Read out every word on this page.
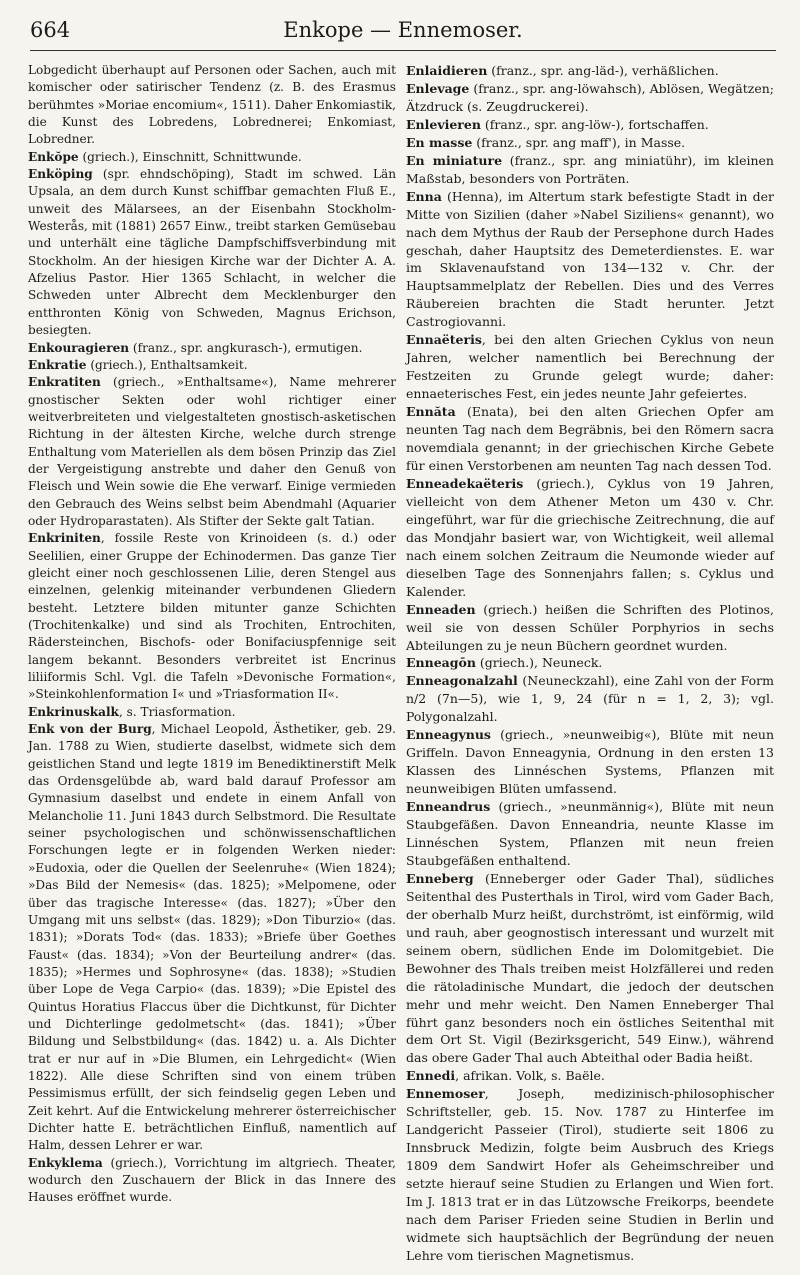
664	Enkope — Ennemoser.

Lobgedicht überhaupt auf Personen oder Sachen, auch mit komischer oder satirischer Tendenz (z. B. des Erasmus berühmtes »Moriae encomium«, 1511). Daher Enkomiastik, die Kunst des Lobredens, Lobrednerei; Enkomiast, Lobredner.

Enkŏpe (griech.), Einschnitt, Schnittwunde.

Enköping (spr. ehndschöping), Stadt im schwed. Län Upsala, an dem durch Kunst schiffbar gemachten Fluß E., unweit des Mälarsees, an der Eisenbahn Stockholm-Westerås, mit (1881) 2657 Einw., treibt starken Gemüsebau und unterhält eine tägliche Dampfschiffsverbindung mit Stockholm. An der hiesigen Kirche war der Dichter A. A. Afzelius Pastor. Hier 1365 Schlacht, in welcher die Schweden unter Albrecht dem Mecklenburger den entthronten König von Schweden, Magnus Erichson, besiegten.

Enkouragieren (franz., spr. angkurasch-), ermutigen.

Enkratie (griech.), Enthaltsamkeit.

Enkratiten (griech., »Enthaltsame«), Name mehrerer gnostischer Sekten oder wohl richtiger einer weitverbreiteten und vielgestalteten gnostisch-asketischen Richtung in der ältesten Kirche, welche durch strenge Enthaltung vom Materiellen als dem bösen Prinzip das Ziel der Vergeistigung anstrebte und daher den Genuß von Fleisch und Wein sowie die Ehe verwarf. Einige vermieden den Gebrauch des Weins selbst beim Abendmahl (Aquarier oder Hydroparastaten). Als Stifter der Sekte galt Tatian.

Enkriniten, fossile Reste von Krinoideen (s. d.) oder Seelilien, einer Gruppe der Echinodermen. Das ganze Tier gleicht einer noch geschlossenen Lilie, deren Stengel aus einzelnen, gelenkig miteinander verbundenen Gliedern besteht. Letztere bilden mitunter ganze Schichten (Trochitenkalke) und sind als Trochiten, Entrochiten, Rädersteinchen, Bischofs- oder Bonifaciuspfennige seit langem bekannt. Besonders verbreitet ist Encrinus liliiformis Schl. Vgl. die Tafeln »Devonische Formation«, »Steinkohlenformation I« und »Triasformation II«.

Enkrinuskalk, s. Triasformation.

Enk von der Burg, Michael Leopold, Ästhetiker, geb. 29. Jan. 1788 zu Wien, studierte daselbst, widmete sich dem geistlichen Stand und legte 1819 im Benediktinerstift Melk das Ordensgelübde ab, ward bald darauf Professor am Gymnasium daselbst und endete in einem Anfall von Melancholie 11. Juni 1843 durch Selbstmord. Die Resultate seiner psychologischen und schönwissenschaftlichen Forschungen legte er in folgenden Werken nieder: »Eudoxia, oder die Quellen der Seelenruhe« (Wien 1824); »Das Bild der Nemesis« (das. 1825); »Melpomene, oder über das tragische Interesse« (das. 1827); »Über den Umgang mit uns selbst« (das. 1829); »Don Tiburzio« (das. 1831); »Dorats Tod« (das. 1833); »Briefe über Goethes Faust« (das. 1834); »Von der Beurteilung andrer« (das. 1835); »Hermes und Sophrosyne« (das. 1838); »Studien über Lope de Vega Carpio« (das. 1839); »Die Epistel des Quintus Horatius Flaccus über die Dichtkunst, für Dichter und Dichterlinge gedolmetscht« (das. 1841); »Über Bildung und Selbstbildung« (das. 1842) u. a. Als Dichter trat er nur auf in »Die Blumen, ein Lehrgedicht« (Wien 1822). Alle diese Schriften sind von einem trüben Pessimismus erfüllt, der sich feindselig gegen Leben und Zeit kehrt. Auf die Entwickelung mehrerer österreichischer Dichter hatte E. beträchtlichen Einfluß, namentlich auf Halm, dessen Lehrer er war.

Enkyklema (griech.), Vorrichtung im altgriech. Theater, wodurch den Zuschauern der Blick in das Innere des Hauses eröffnet wurde.

Enlaidieren (franz., spr. ang-läd-), verhäßlichen.

Enlevage (franz., spr. ang-löwahsch), Ablösen, Wegätzen; Ätzdruck (s. Zeugdruckerei).

Enlevieren (franz., spr. ang-löw-), fortschaffen.

En masse (franz., spr. ang maff'), in Masse.

En miniature (franz., spr. ang miniatühr), im kleinen Maßstab, besonders von Porträten.

Enna (Henna), im Altertum stark befestigte Stadt in der Mitte von Sizilien (daher »Nabel Siziliens« genannt), wo nach dem Mythus der Raub der Persephone durch Hades geschah, daher Hauptsitz des Demeterdienstes. E. war im Sklavenaufstand von 134—132 v. Chr. der Hauptsammelplatz der Rebellen. Dies und des Verres Räubereien brachten die Stadt herunter. Jetzt Castrogiovanni.

Ennaëteris, bei den alten Griechen Cyklus von neun Jahren, welcher namentlich bei Berechnung der Festzeiten zu Grunde gelegt wurde; daher: ennaeterisches Fest, ein jedes neunte Jahr gefeiertes.

Ennăta (Enata), bei den alten Griechen Opfer am neunten Tag nach dem Begräbnis, bei den Römern sacra novemdiala genannt; in der griechischen Kirche Gebete für einen Verstorbenen am neunten Tag nach dessen Tod.

Enneadekaëteris (griech.), Cyklus von 19 Jahren, vielleicht von dem Athener Meton um 430 v. Chr. eingeführt, war für die griechische Zeitrechnung, die auf das Mondjahr basiert war, von Wichtigkeit, weil allemal nach einem solchen Zeitraum die Neumonde wieder auf dieselben Tage des Sonnenjahrs fallen; s. Cyklus und Kalender.

Enneaden (griech.) heißen die Schriften des Plotinos, weil sie von dessen Schüler Porphyrios in sechs Abteilungen zu je neun Büchern geordnet wurden.

Enneagōn (griech.), Neuneck.

Enneagonalzahl (Neuneckzahl), eine Zahl von der Form n/2 (7n—5), wie 1, 9, 24 (für n = 1, 2, 3); vgl. Polygonalzahl.

Enneagynus (griech., »neunweibig«), Blüte mit neun Griffeln. Davon Enneagynia, Ordnung in den ersten 13 Klassen des Linnéschen Systems, Pflanzen mit neunweibigen Blüten umfassend.

Enneandrus (griech., »neunmännig«), Blüte mit neun Staubgefäßen. Davon Enneandria, neunte Klasse im Linnéschen System, Pflanzen mit neun freien Staubgefäßen enthaltend.

Enneberg (Enneberger oder Gader Thal), südliches Seitenthal des Pusterthals in Tirol, wird vom Gader Bach, der oberhalb Murz heißt, durchströmt, ist einförmig, wild und rauh, aber geognostisch interessant und wurzelt mit seinem obern, südlichen Ende im Dolomitgebiet. Die Bewohner des Thals treiben meist Holzfällerei und reden die rätoladinische Mundart, die jedoch der deutschen mehr und mehr weicht. Den Namen Enneberger Thal führt ganz besonders noch ein östliches Seitenthal mit dem Ort St. Vigil (Bezirksgericht, 549 Einw.), während das obere Gader Thal auch Abteithal oder Badia heißt.

Ennedi, afrikan. Volk, s. Baële.

Ennemoser, Joseph, medizinisch-philosophischer Schriftsteller, geb. 15. Nov. 1787 zu Hinterfee im Landgericht Passeier (Tirol), studierte seit 1806 zu Innsbruck Medizin, folgte beim Ausbruch des Kriegs 1809 dem Sandwirt Hofer als Geheimschreiber und setzte hierauf seine Studien zu Erlangen und Wien fort. Im J. 1813 trat er in das Lützowsche Freikorps, beendete nach dem Pariser Frieden seine Studien in Berlin und widmete sich hauptsächlich der Begründung der neuen Lehre vom tierischen Magnetismus.
